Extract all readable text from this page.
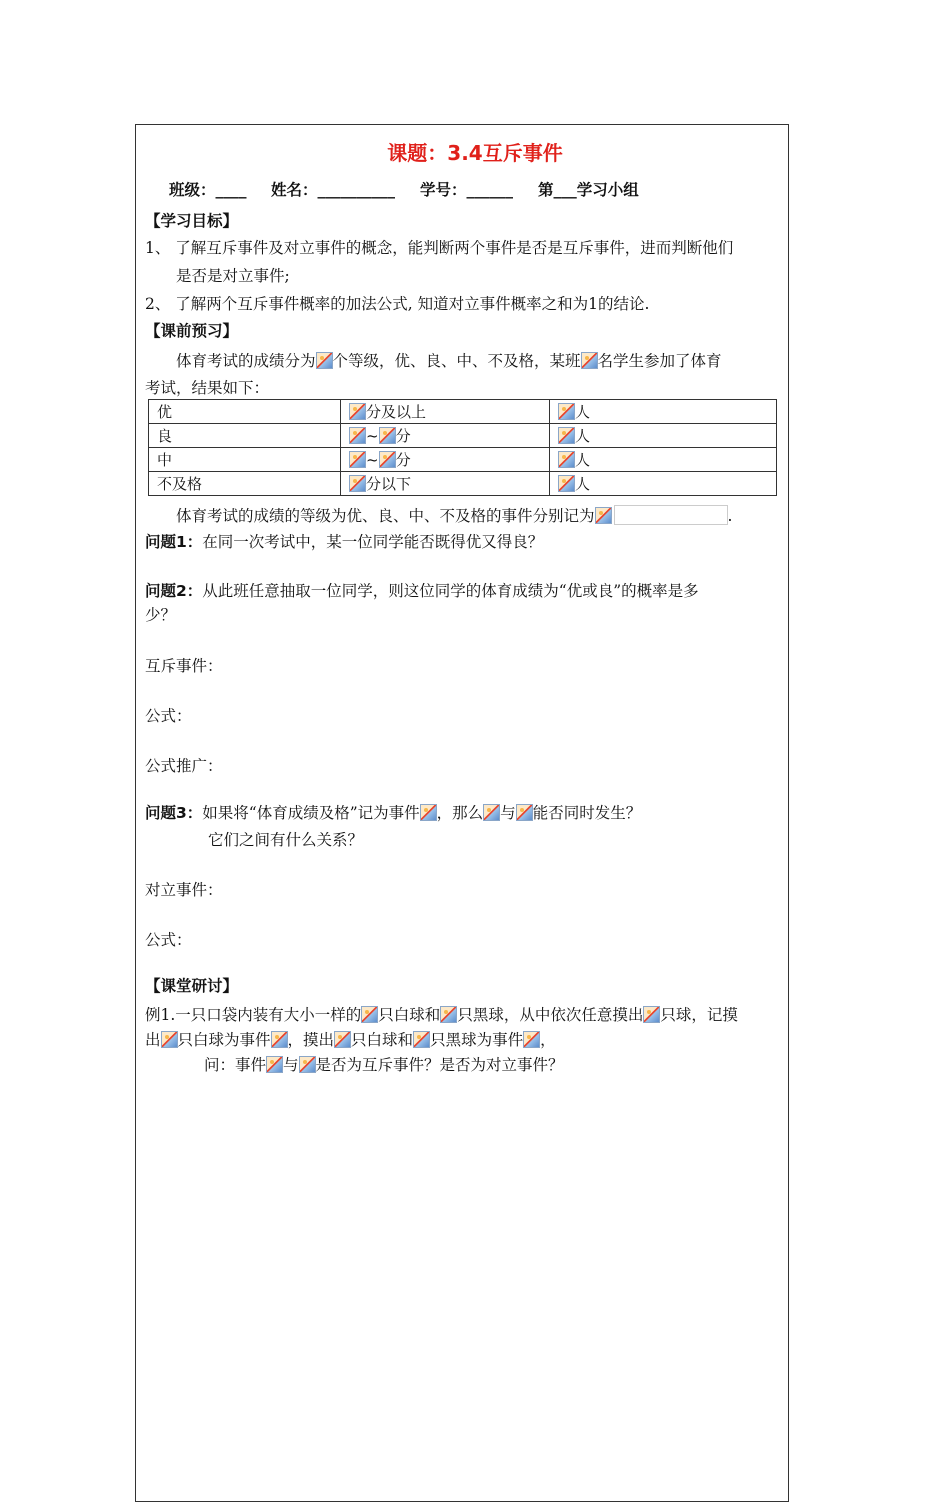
课题：3.4互斥事件
班级：____ 姓名：__________ 学号：______ 第___学习小组
【学习目标】
1、 了解互斥事件及对立事件的概念，能判断两个事件是否是互斥事件，进而判断他们
是否是对立事件;
2、 了解两个互斥事件概率的加法公式, 知道对立事件概率之和为1的结论.
【课前预习】
体育考试的成绩分为 个等级，优、良、中、不及格，某班 名学生参加了体育
考试，结果如下：
优	分及以上	人
良	~ 分	人
中	~ 分	人
不及格	分以下	人
体育考试的成绩的等级为优、良、中、不及格的事件分别记为	.
问题1：在同一次考试中，某一位同学能否既得优又得良？
问题2：从此班任意抽取一位同学，则这位同学的体育成绩为“优或良”的概率是多
少？
互斥事件：
公式：
公式推广：
问题3：如果将“体育成绩及格”记为事件 ，那么 与 能否同时发生？
它们之间有什么关系？
对立事件：
公式：
【课堂研讨】
例1.一只口袋内装有大小一样的 只白球和 只黑球，从中依次任意摸出 只球，记摸
出 只白球为事件 ，摸出 只白球和 只黑球为事件 ，
问：事件 与 是否为互斥事件？是否为对立事件？
